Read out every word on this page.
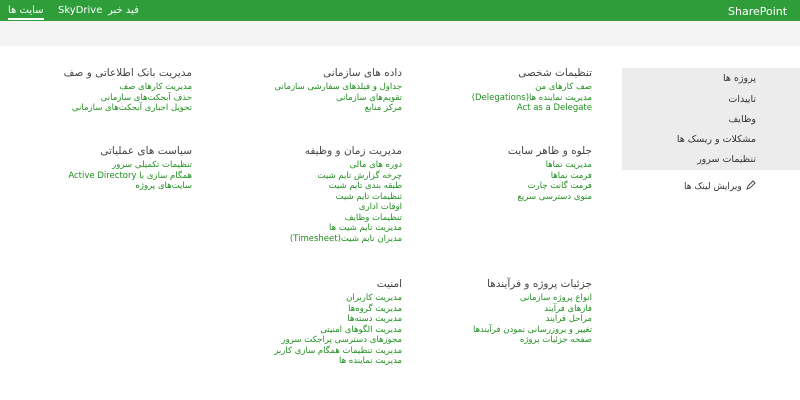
SharePoint
سایت ها SkyDrive فید خبر
پروژه ها
تاییدات
وظایف
مشکلات و ریسک ها
تنظیمات سرور
ویرایش لینک ها
تنظیمات شخصی
صف کارهای من
مدیریت نماینده ها(Delegations)
Act as a Delegate
جلوه و ظاهر سایت
مدیریت نماها
فرمت نماها
فرمت گانت چارت
منوی دسترسی سریع
جزئیات پروژه و فرآیندها
انواع پروژه سازمانی
فازهای فرآیند
مراحل فرایند
تغییر و بروزرسانی نمودن فرآیندها
صفحه جزئیات پروژه
داده های سازمانی
جداول و فیلدهای سفارشی سازمانی
تقویم‌های سازمانی
مرکز منابع
مدیریت زمان و وظیفه
دوره های مالی
چرخه گزارش تایم شیت
طبقه بندی تایم شیت
تنظیمات تایم شیت
اوقات اداری
تنظیمات وظایف
مدیریت تایم شیت ها
مدیران تایم شیت(Timesheet)
امنیت
مدیریت کاربران
مدیریت گروه‌ها
مدیریت دسته‌ها
مدیریت الگوهای امنیتی
مجوزهای دسترسی پراجکت سرور
مدیریت تنظیمات همگام سازی کاربر
مدیریت نماینده ها
مدیریت بانک اطلاعاتی و صف
مدیریت کارهای صف
حذف آبجکت‌های سازمانی
تحویل اجباری آبجکت‌های سازمانی
سیاست های عملیاتی
تنظیمات تکمیلی سرور
همگام سازی با Active Directory
سایت‌های پروژه
